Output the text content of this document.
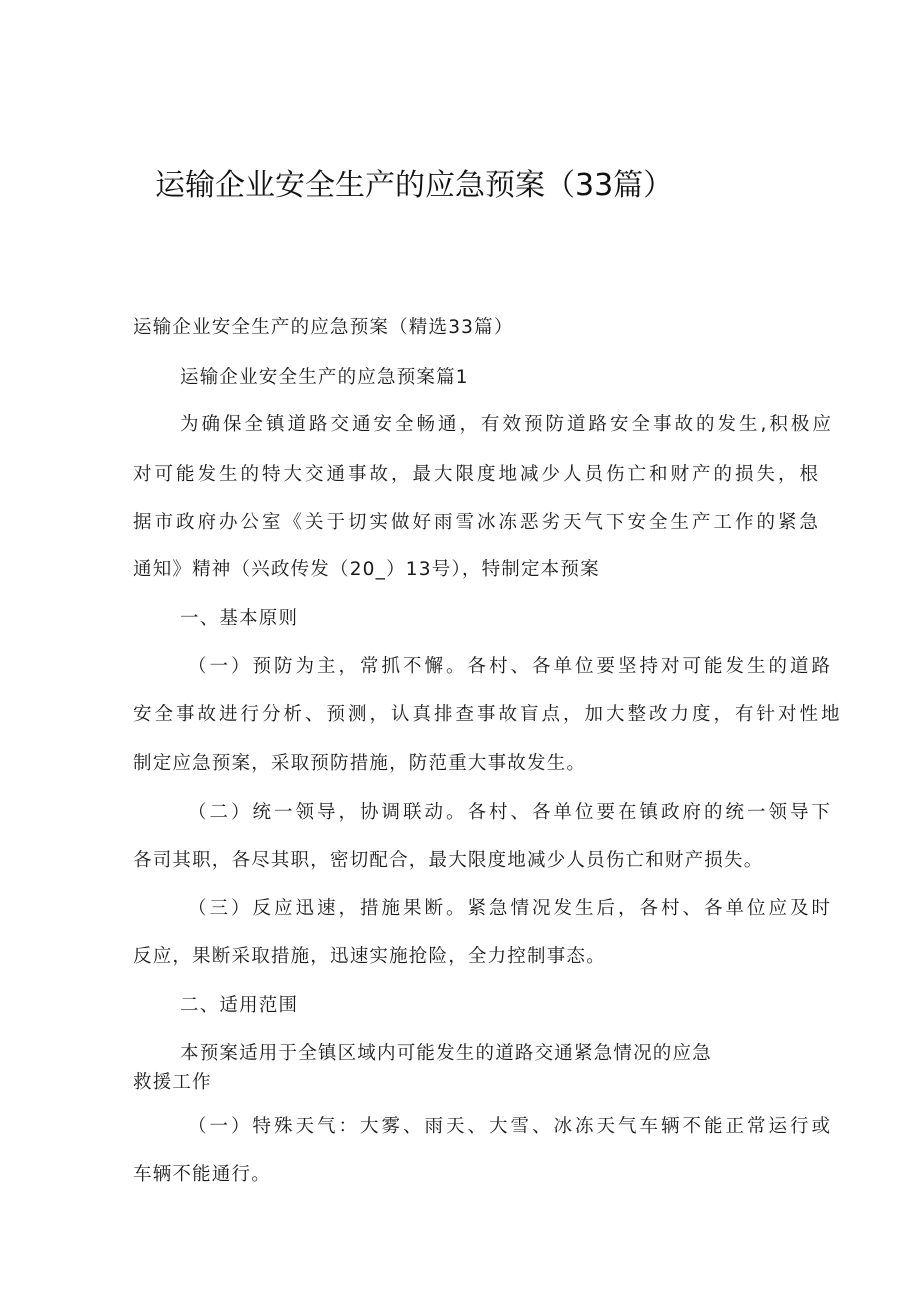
运输企业安全生产的应急预案（33篇）
运输企业安全生产的应急预案（精选33篇）
运输企业安全生产的应急预案篇1
为确保全镇道路交通安全畅通，有效预防道路安全事故的发生,积极应
对可能发生的特大交通事故，最大限度地减少人员伤亡和财产的损失，根
据市政府办公室《关于切实做好雨雪冰冻恶劣天气下安全生产工作的紧急
通知》精神（兴政传发（20_）13号），特制定本预案
一、基本原则
（一）预防为主，常抓不懈。各村、各单位要坚持对可能发生的道路
安全事故进行分析、预测，认真排查事故盲点，加大整改力度，有针对性地
制定应急预案，采取预防措施，防范重大事故发生。
（二）统一领导，协调联动。各村、各单位要在镇政府的统一领导下
各司其职，各尽其职，密切配合，最大限度地减少人员伤亡和财产损失。
（三）反应迅速，措施果断。紧急情况发生后，各村、各单位应及时
反应，果断采取措施，迅速实施抢险，全力控制事态。
二、适用范围
本预案适用于全镇区域内可能发生的道路交通紧急情况的应急
救援工作
（一）特殊天气：大雾、雨天、大雪、冰冻天气车辆不能正常运行或
车辆不能通行。
